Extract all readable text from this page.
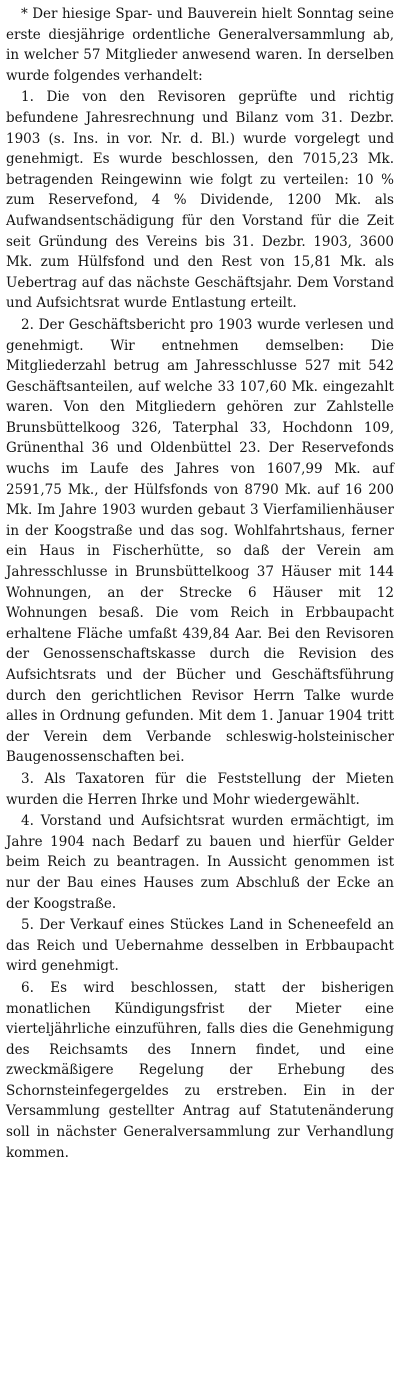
* Der hiesige Spar- und Bauverein hielt Sonntag seine erste diesjährige ordentliche Generalversammlung ab, in welcher 57 Mitglieder anwesend waren. In derselben wurde folgendes verhandelt:

1. Die von den Revisoren geprüfte und richtig befundene Jahresrechnung und Bilanz vom 31. Dezbr. 1903 (s. Ins. in vor. Nr. d. Bl.) wurde vorgelegt und genehmigt. Es wurde beschlossen, den 7015,23 Mk. betragenden Reingewinn wie folgt zu verteilen: 10 % zum Reservefond, 4 % Dividende, 1200 Mk. als Aufwandsentschädigung für den Vorstand für die Zeit seit Gründung des Vereins bis 31. Dezbr. 1903, 3600 Mk. zum Hülfsfond und den Rest von 15,81 Mk. als Uebertrag auf das nächste Geschäftsjahr. Dem Vorstand und Aufsichtsrat wurde Entlastung erteilt.

2. Der Geschäftsbericht pro 1903 wurde verlesen und genehmigt. Wir entnehmen demselben: Die Mitgliederzahl betrug am Jahresschlusse 527 mit 542 Geschäftsanteilen, auf welche 33 107,60 Mk. eingezahlt waren. Von den Mitgliedern gehören zur Zahlstelle Brunsbüttelkoog 326, Taterphal 33, Hochdonn 109, Grünenthal 36 und Oldenbüttel 23. Der Reservefonds wuchs im Laufe des Jahres von 1607,99 Mk. auf 2591,75 Mk., der Hülfsfonds von 8790 Mk. auf 16 200 Mk. Im Jahre 1903 wurden gebaut 3 Vierfamilienhäuser in der Koogstraße und das sog. Wohlfahrtshaus, ferner ein Haus in Fischerhütte, so daß der Verein am Jahresschlusse in Brunsbüttelkoog 37 Häuser mit 144 Wohnungen, an der Strecke 6 Häuser mit 12 Wohnungen besaß. Die vom Reich in Erbbaupacht erhaltene Fläche umfaßt 439,84 Aar. Bei den Revisoren der Genossenschaftskasse durch die Revision des Aufsichtsrats und der Bücher und Geschäftsführung durch den gerichtlichen Revisor Herrn Talke wurde alles in Ordnung gefunden. Mit dem 1. Januar 1904 tritt der Verein dem Verbande schleswig-holsteinischer Baugenossenschaften bei.

3. Als Taxatoren für die Feststellung der Mieten wurden die Herren Ihrke und Mohr wiedergewählt.

4. Vorstand und Aufsichtsrat wurden ermächtigt, im Jahre 1904 nach Bedarf zu bauen und hierfür Gelder beim Reich zu beantragen. In Aussicht genommen ist nur der Bau eines Hauses zum Abschluß der Ecke an der Koogstraße.

5. Der Verkauf eines Stückes Land in Scheneefeld an das Reich und Uebernahme desselben in Erbbaupacht wird genehmigt.

6. Es wird beschlossen, statt der bisherigen monatlichen Kündigungsfrist der Mieter eine vierteljährliche einzuführen, falls dies die Genehmigung des Reichsamts des Innern findet, und eine zweckmäßigere Regelung der Erhebung des Schornsteinfegergeldes zu erstreben. Ein in der Versammlung gestellter Antrag auf Statutenänderung soll in nächster Generalversammlung zur Verhandlung kommen.
